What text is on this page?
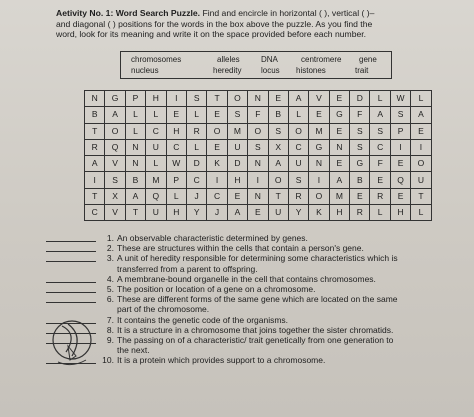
Aetivity No. 1: Word Search Puzzle. Find and encircle in horizontal ( ), vertical ( )–
and diagonal ( ) positions for the words in the box above the puzzle. As you find the
word, look for its meaning and write it on the space provided before each number.
chromosomes	alleles	DNA	centromere gene
nucleus	heredity locus histones	trait
N	G	P	H	I	S	T	O	N	E	A	V	E	D	L	W	L
B	A	L	L	E	L	E	S	F	B	L	E	G	F	A	S	A
T	O	L	C	H	R	O	M	O	S	O	M	E	S	S	P	E
R	Q	N	U	C	L	E	U	S	X	C	G	N	S	C	I	I
A	V	N	L	W	D	K	D	N	A	U	N	E	G	F	E	O
I	S	B	M	P	C	I	H	I	O	S	I	A	B	E	Q	U
T	X	A	Q	L	J	C	E	N	T	R	O	M	E	R	E	T
C	V	T	U	H	Y	J	A	E	U	Y	K	H	R	L	H	L
1. An observable characteristic determined by genes.
2. These are structures within the cells that contain a person's gene.
3. A unit of heredity responsible for determining some characteristics which is
transferred from a parent to offspring.
4. A membrane-bound organelle in the cell that contains chromosomes.
5. The position or location of a gene on a chromosome.
6. These are different forms of the same gene which are located on the same
part of the chromosome.
7. It contains the genetic code of the organisms.
8. It is a structure in a chromosome that joins together the sister chromatids.
9. The passing on of a characteristic/ trait genetically from one generation to
the next.
10. It is a protein which provides support to a chromosome.
